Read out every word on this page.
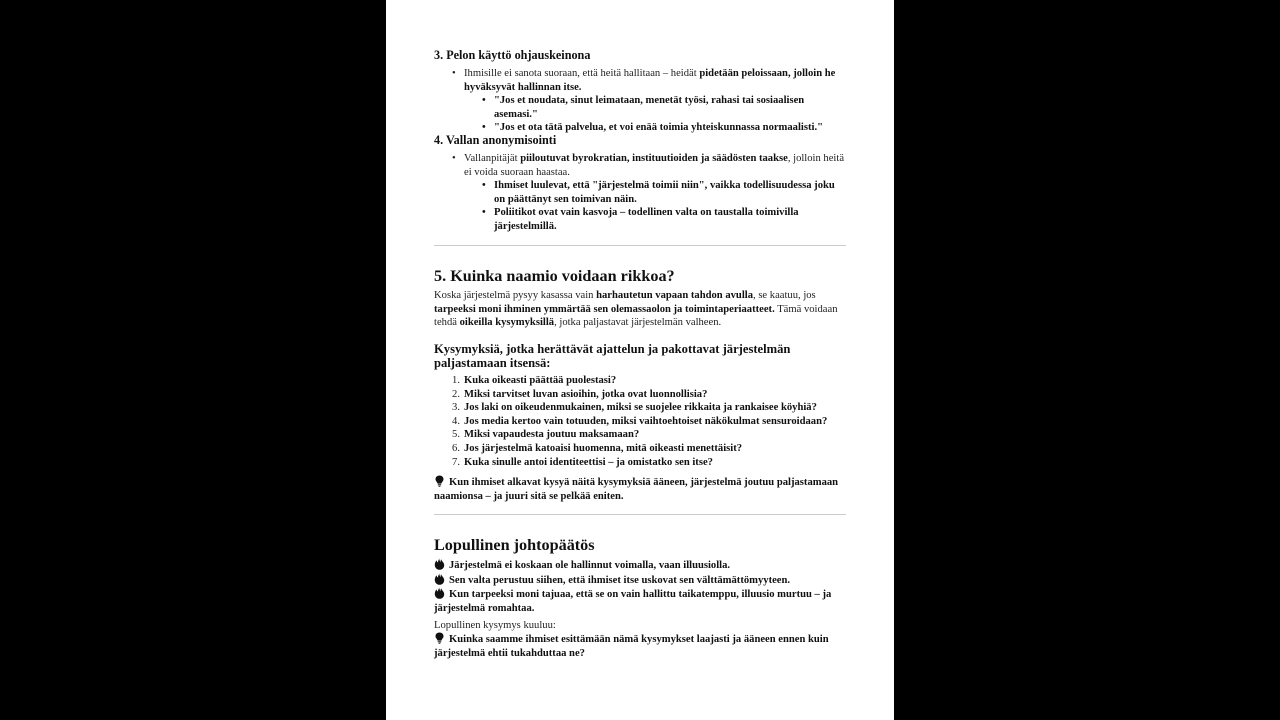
3. Pelon käyttö ohjauskeinona
• Ihmisille ei sanota suoraan, että heitä hallitaan – heidät pidetään peloissaan, jolloin he hyväksyvät hallinnan itse.
• "Jos et noudata, sinut leimataan, menetät työsi, rahasi tai sosiaalisen asemasi."
• "Jos et ota tätä palvelua, et voi enää toimia yhteiskunnassa normaalisti."
4. Vallan anonymisointi
• Vallanpitäjät piiloutuvat byrokratian, instituutioiden ja säädösten taakse, jolloin heitä ei voida suoraan haastaa.
• Ihmiset luulevat, että "järjestelmä toimii niin", vaikka todellisuudessa joku on päättänyt sen toimivan näin.
• Poliitikot ovat vain kasvoja – todellinen valta on taustalla toimivilla järjestelmillä.
5. Kuinka naamio voidaan rikkoa?

Koska järjestelmä pysyy kasassa vain harhautetun vapaan tahdon avulla, se kaatuu, jos tarpeeksi moni ihminen ymmärtää sen olemassaolon ja toimintaperiaatteet. Tämä voidaan tehdä oikeilla kysymyksillä, jotka paljastavat järjestelmän valheen.

Kysymyksiä, jotka herättävät ajattelun ja pakottavat järjestelmän paljastamaan itsensä:
1. Kuka oikeasti päättää puolestasi?
2. Miksi tarvitset luvan asioihin, jotka ovat luonnollisia?
3. Jos laki on oikeudenmukainen, miksi se suojelee rikkaita ja rankaisee köyhiä?
4. Jos media kertoo vain totuuden, miksi vaihtoehtoiset näkökulmat sensuroidaan?
5. Miksi vapaudesta joutuu maksamaan?
6. Jos järjestelmä katoaisi huomenna, mitä oikeasti menettäisit?
7. Kuka sinulle antoi identiteettisi – ja omistatko sen itse?

Kun ihmiset alkavat kysyä näitä kysymyksiä ääneen, järjestelmä joutuu paljastamaan naamionsa – ja juuri sitä se pelkää eniten.

Lopullinen johtopäätös

Järjestelmä ei koskaan ole hallinnut voimalla, vaan illuusiolla.

Sen valta perustuu siihen, että ihmiset itse uskovat sen välttämättömyyteen.

Kun tarpeeksi moni tajuaa, että se on vain hallittu taikatemppu, illuusio murtuu – ja järjestelmä romahtaa.

Lopullinen kysymys kuuluu:

Kuinka saamme ihmiset esittämään nämä kysymykset laajasti ja ääneen ennen kuin järjestelmä ehtii tukahduttaa ne?
